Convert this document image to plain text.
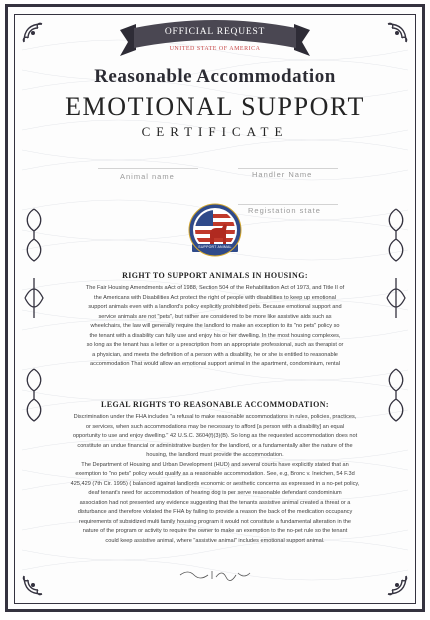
OFFICIAL REQUEST
UNITED STATE OF AMERICA
Reasonable Accommodation
EMOTIONAL SUPPORT
CERTIFICATE
Animal name	Handler Name
Registation state
SUPPORT ANIMAL
RIGHT TO SUPPORT ANIMALS IN HOUSING:
The Fair Housing Amendments aAct of 1988, Section 504 of the Rehabilitation Act of 1973, and Title II of
the Americans with Disabilities Act protect the right of people with disabilities to keep up emotional
support animals even with a landlord's policy explicitly prohibited pets. Because emotional support and
service animals are not "pets", but rather are considered to be more like assistive aids such as
wheelchairs, the law will generally require the landlord to make an exception to its "no pets" policy so
the tenant with a disability can fully use and enjoy his or her dwelling. In the most housing complexes,
so long as the tenant has a letter or a prescription from an appropriate professional, such as therapist or
a physician, and meets the definition of a person with a disability, he or she is entitled to reasonable
accommodation That would allow an emotional support animal in the apartment, condominium, rental
LEGAL RIGHTS TO REASONABLE ACCOMMODATION:
Discrimination under the FHA includes "a refusal to make reasonable accommodations in rules, policies, practices,
or services, when such accommodations may be necessary to afford [a person with a disability] an equal
opportunity to use and enjoy dwelling." 42 U.S.C. 3604(f)(3)(B). So long as the requested accommodation does not
constitute an undue financial or administrative burden for the landlord, or a fundamentally alter the nature of the
housing, the landlord must provide the accommodation.
The Department of Housing and Urban Development (HUD) and several courts have explicitly stated that an
exemption to "no pets" policy would qualify as a reasonable accommodation. See, e.g, Bronc v. Ineichen, 54 F.3d
425,429 (7th Cir. 1995) ( balanced against landlords economic or aesthetic concerns as expressed in a no-pet policy,
deaf tenant's need for accommodation of hearing dog is per serve reasonable defendant condominium
association had not presented any evidence suggesting that the tenants assistive animal created a threat or a
disturbance and therefore violated the FHA by failing to provide a reason the back of the medication occupancy
requirements of subsidized multi family housing program it would not constitute a fundamental alteration in the
nature of the program or activity to require the owner to make an exemption to the no-pet rule so the tenant
could keep assistive animal, where "assistive animal" includes emotional support animal.
